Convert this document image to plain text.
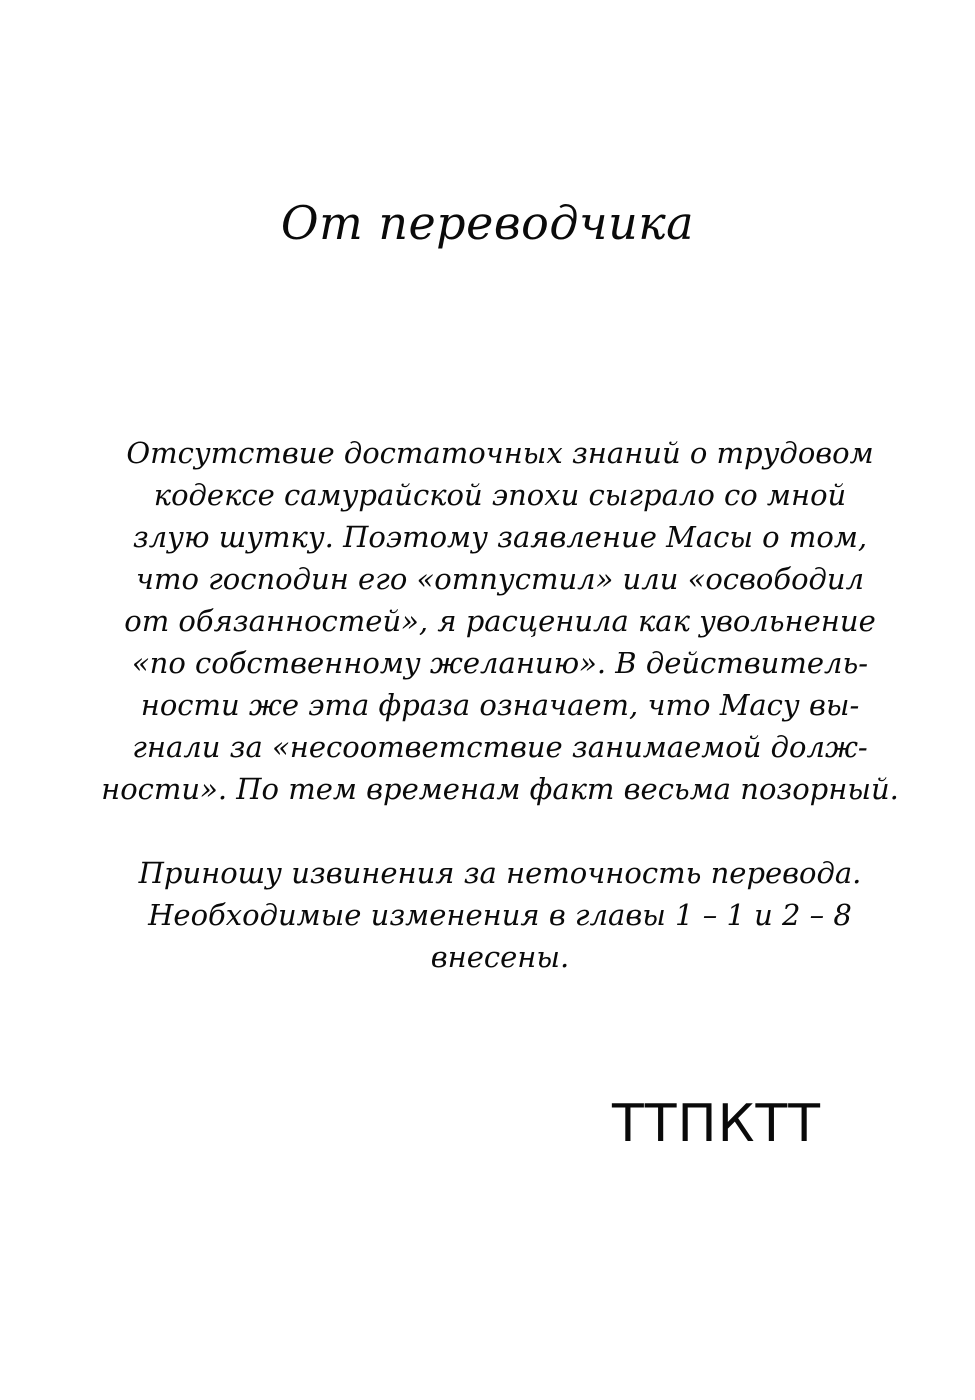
От переводчика
Отсутствие достаточных знаний о трудовом
кодексе самурайской эпохи сыграло со мной
злую шутку. Поэтому заявление Масы о том,
что господин его «отпустил» или «освободил
от обязанностей», я расценила как увольнение
«по собственному желанию». В действитель-
ности же эта фраза означает, что Масу вы-
гнали за «несоответствие занимаемой долж-
ности». По тем временам факт весьма позорный.
Приношу извинения за неточность перевода.
Необходимые изменения в главы 1 – 1 и 2 – 8
внесены.
ТТПКТТ
